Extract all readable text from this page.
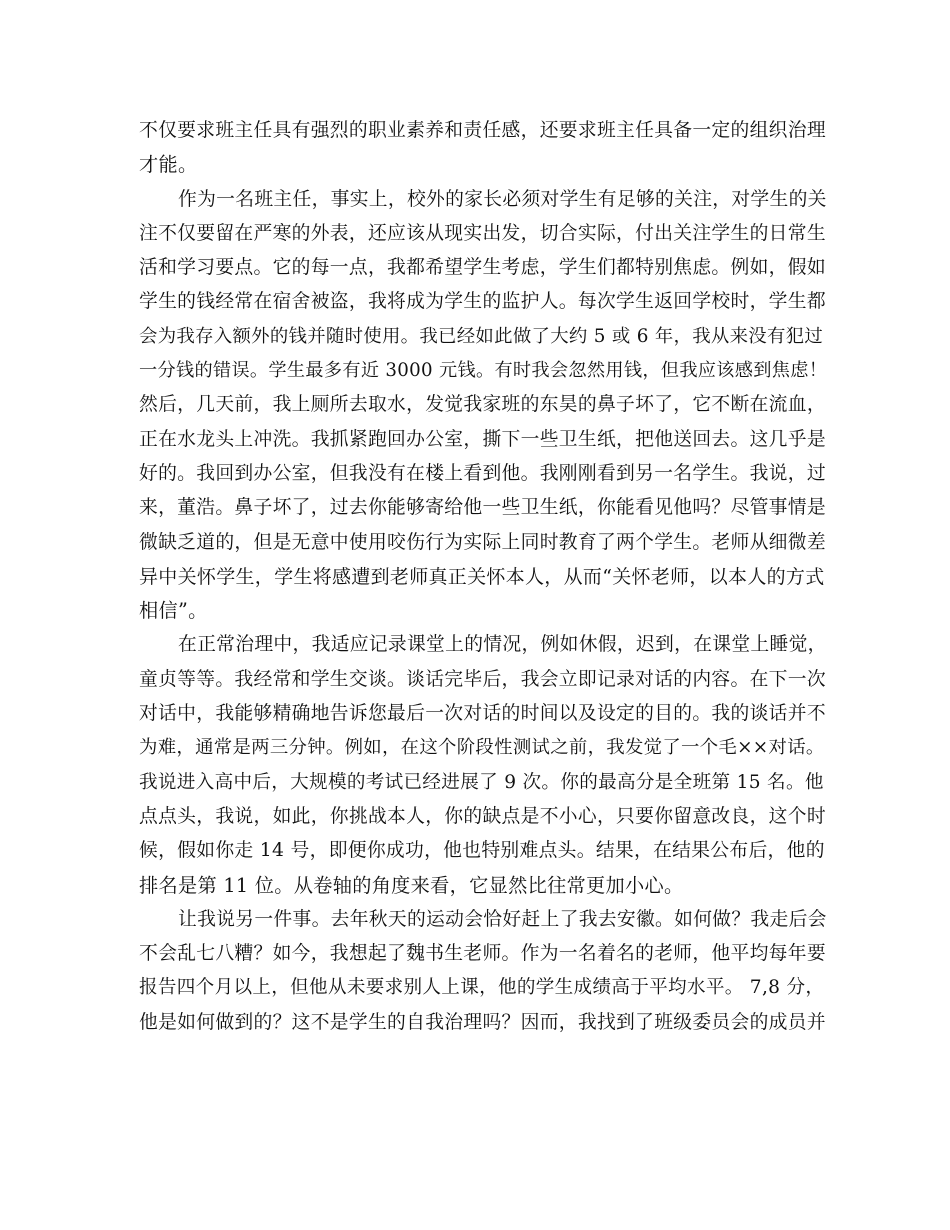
不仅要求班主任具有强烈的职业素养和责任感，还要求班主任具备一定的组织治理
才能。
作为一名班主任，事实上，校外的家长必须对学生有足够的关注，对学生的关
注不仅要留在严寒的外表，还应该从现实出发，切合实际，付出关注学生的日常生
活和学习要点。它的每一点，我都希望学生考虑，学生们都特别焦虑。例如，假如
学生的钱经常在宿舍被盗，我将成为学生的监护人。每次学生返回学校时，学生都
会为我存入额外的钱并随时使用。我已经如此做了大约 5 或 6 年，我从来没有犯过
一分钱的错误。学生最多有近 3000 元钱。有时我会忽然用钱，但我应该感到焦虑！
然后，几天前，我上厕所去取水，发觉我家班的东昊的鼻子坏了，它不断在流血，
正在水龙头上冲洗。我抓紧跑回办公室，撕下一些卫生纸，把他送回去。这几乎是
好的。我回到办公室，但我没有在楼上看到他。我刚刚看到另一名学生。我说，过
来，董浩。鼻子坏了，过去你能够寄给他一些卫生纸，你能看见他吗？尽管事情是
微缺乏道的，但是无意中使用咬伤行为实际上同时教育了两个学生。老师从细微差
异中关怀学生，学生将感遭到老师真正关怀本人，从而“关怀老师，以本人的方式
相信”。
在正常治理中，我适应记录课堂上的情况，例如休假，迟到，在课堂上睡觉，
童贞等等。我经常和学生交谈。谈话完毕后，我会立即记录对话的内容。在下一次
对话中，我能够精确地告诉您最后一次对话的时间以及设定的目的。我的谈话并不
为难，通常是两三分钟。例如，在这个阶段性测试之前，我发觉了一个毛××对话。
我说进入高中后，大规模的考试已经进展了 9 次。你的最高分是全班第 15 名。他
点点头，我说，如此，你挑战本人，你的缺点是不小心，只要你留意改良，这个时
候，假如你走 14 号，即便你成功，他也特别难点头。结果，在结果公布后，他的
排名是第 11 位。从卷轴的角度来看，它显然比往常更加小心。
让我说另一件事。去年秋天的运动会恰好赶上了我去安徽。如何做？我走后会
不会乱七八糟？如今，我想起了魏书生老师。作为一名着名的老师，他平均每年要
报告四个月以上，但他从未要求别人上课，他的学生成绩高于平均水平。 7,8 分，
他是如何做到的？这不是学生的自我治理吗？因而，我找到了班级委员会的成员并
